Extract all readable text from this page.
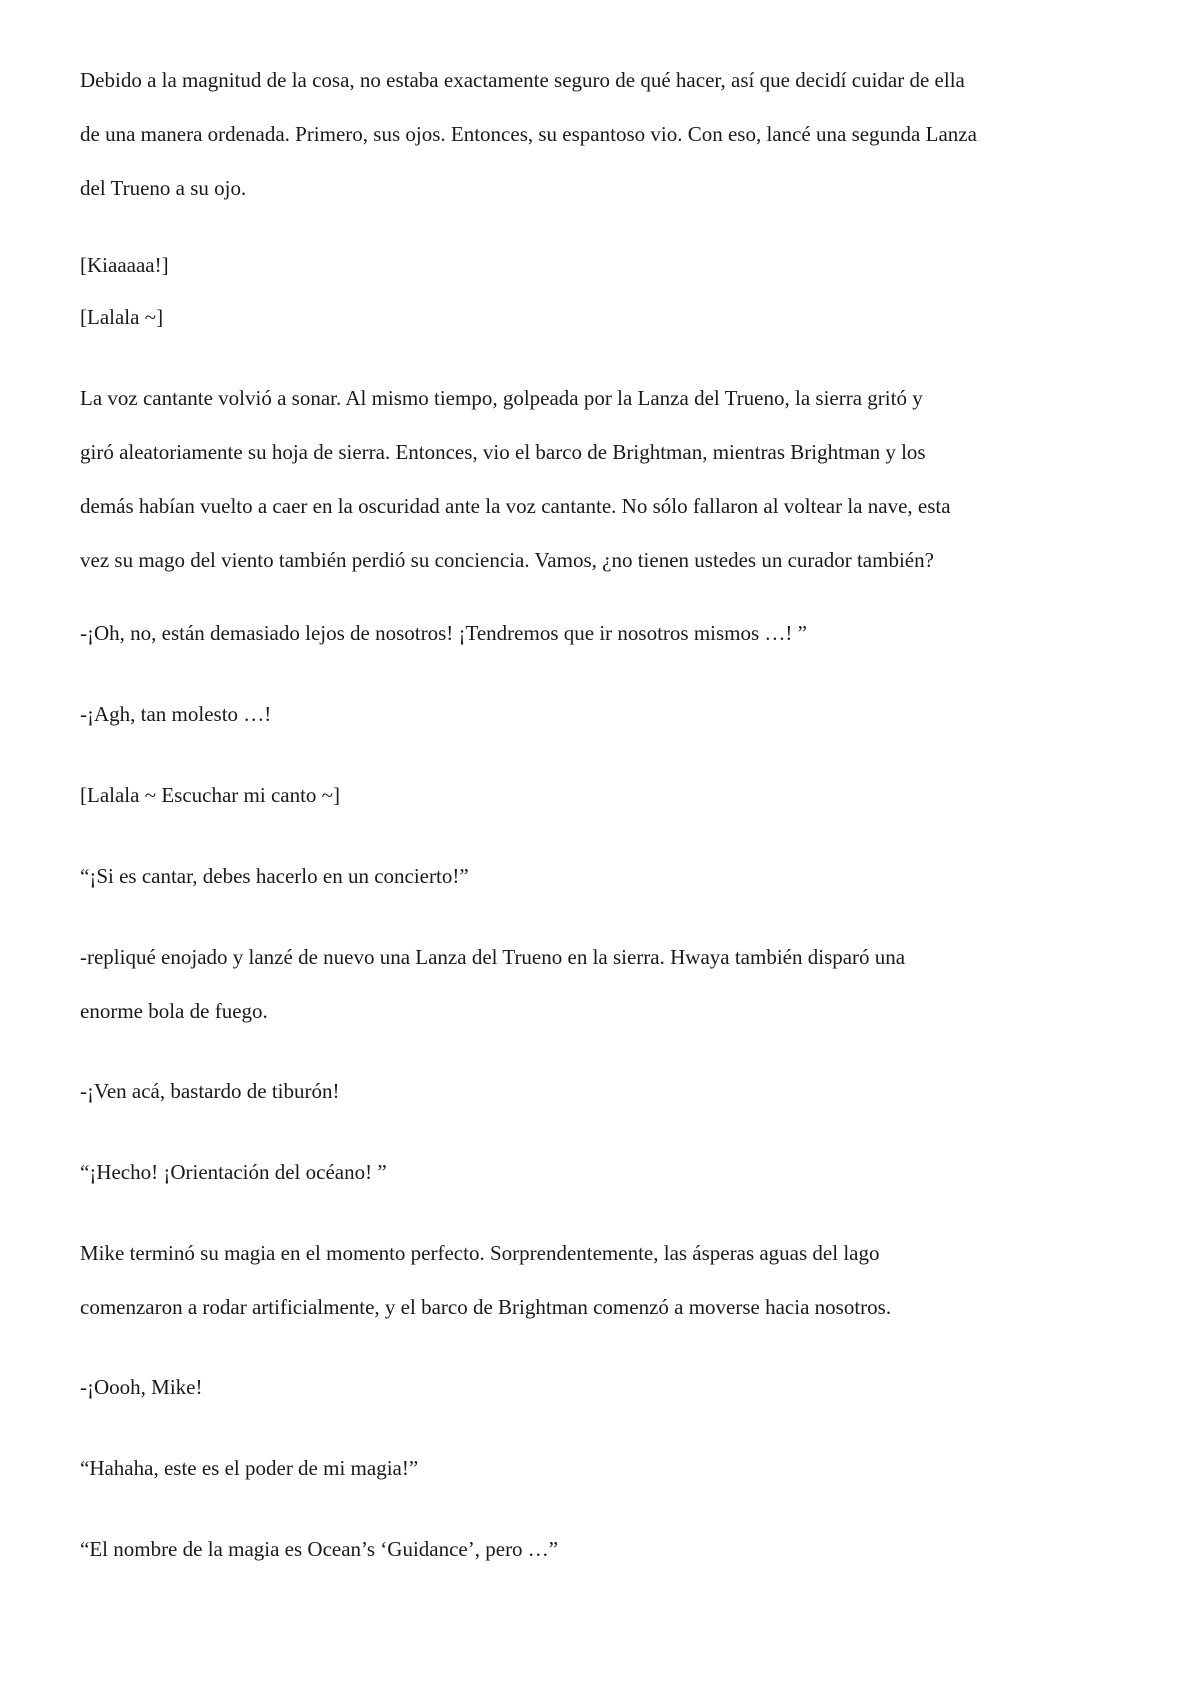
Debido a la magnitud de la cosa, no estaba exactamente seguro de qué hacer, así que decidí cuidar de ella
de una manera ordenada. Primero, sus ojos. Entonces, su espantoso vio. Con eso, lancé una segunda Lanza
del Trueno a su ojo.

[Kiaaaaa!]

[Lalala ~]

La voz cantante volvió a sonar. Al mismo tiempo, golpeada por la Lanza del Trueno, la sierra gritó y
giró aleatoriamente su hoja de sierra. Entonces, vio el barco de Brightman, mientras Brightman y los
demás habían vuelto a caer en la oscuridad ante la voz cantante. No sólo fallaron al voltear la nave, esta
vez su mago del viento también perdió su conciencia. Vamos, ¿no tienen ustedes un curador también?

-¡Oh, no, están demasiado lejos de nosotros! ¡Tendremos que ir nosotros mismos …! ”

-¡Agh, tan molesto …!

[Lalala ~ Escuchar mi canto ~]

“¡Si es cantar, debes hacerlo en un concierto!”

-repliqué enojado y lanzé de nuevo una Lanza del Trueno en la sierra. Hwaya también disparó una
enorme bola de fuego.

-¡Ven acá, bastardo de tiburón!

“¡Hecho! ¡Orientación del océano! ”

Mike terminó su magia en el momento perfecto. Sorprendentemente, las ásperas aguas del lago
comenzaron a rodar artificialmente, y el barco de Brightman comenzó a moverse hacia nosotros.

-¡Oooh, Mike!

“Hahaha, este es el poder de mi magia!”

“El nombre de la magia es Ocean’s ‘Guidance’, pero …”
